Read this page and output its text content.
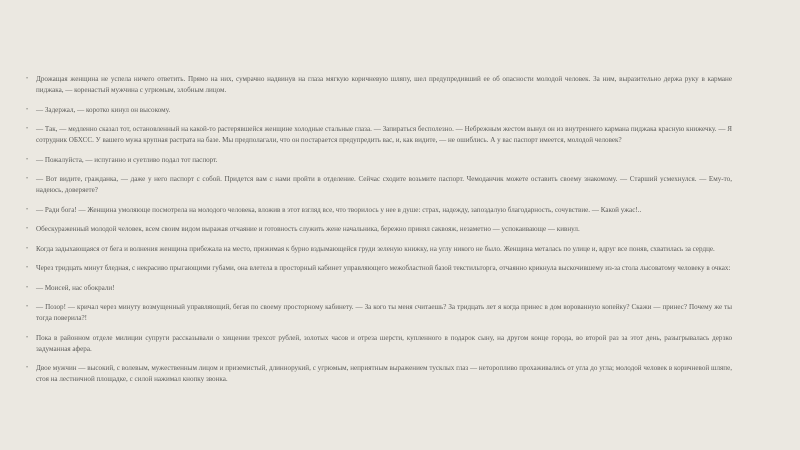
• Дрожащая женщина не успела ничего ответить. Прямо на них, сумрачно надвинув на глаза мягкую коричневую шляпу, шел предупредивший ее об опасности молодой человек. За ним, выразительно держа руку в кармане пиджака, — коренастый мужчина с угрюмым, злобным лицом.

• — Задержал, — коротко кинул он высокому.

• — Так, — медленно сказал тот, остановленный на какой-то растерявшейся женщине холодные стальные глаза. — Запираться бесполезно. — Небрежным жестом вынул он из внутреннего кармана пиджака красную книжечку. — Я сотрудник ОБХСС. У вашего мужа крупная растрата на базе. Мы предполагали, что он постарается предупредить вас, и, как видите, — не ошиблись. А у вас паспорт имеется, молодой человек?

• — Пожалуйста, — испуганно и суетливо подал тот паспорт.

• — Вот видите, гражданка, — даже у него паспорт с собой. Придется вам с нами пройти в отделение. Сейчас сходите возьмите паспорт. Чемоданчик можете оставить своему знакомому. — Старший усмехнулся. — Ему-то, надеюсь, доверяете?

• — Ради бога! — Женщина умоляюще посмотрела на молодого человека, вложив в этот взгляд все, что творилось у нее в душе: страх, надежду, запоздалую благодарность, сочувствие. — Какой ужас!..

• Обескураженный молодой человек, всем своим видом выражая отчаяние и готовность служить жене начальника, бережно принял саквояж, незаметно — успокаивающе — кивнул.

• Когда задыхающаяся от бега и волнения женщина прибежала на место, прижимая к бурно вздымающейся груди зеленую книжку, на углу никого не было. Женщина металась по улице и, вдруг все поняв, схватилась за сердце.

• Через тридцать минут бледная, с некрасиво прыгающими губами, она влетела в просторный кабинет управляющего межобластной базой текстильторга, отчаянно крикнула выскочившему из-за стола лысоватому человеку в очках:

• — Моисей, нас обокрали!

• — Позор! — кричал через минуту возмущенный управляющий, бегая по своему просторному кабинету. — За кого ты меня считаешь? За тридцать лет я когда принес в дом ворованную копейку? Скажи — принес? Почему же ты тогда поверила?!

• Пока в районном отделе милиции супруги рассказывали о хищении трехсот рублей, золотых часов и отреза шерсти, купленного в подарок сыну, на другом конце города, во второй раз за этот день, разыгрывалась дерзко задуманная афера.

• Двое мужчин — высокий, с волевым, мужественным лицом и приземистый, длиннорукий, с угрюмым, неприятным выражением тусклых глаз — неторопливо прохаживались от угла до угла; молодой человек в коричневой шляпе, стоя на лестничной площадке, с силой нажимал кнопку звонка.
